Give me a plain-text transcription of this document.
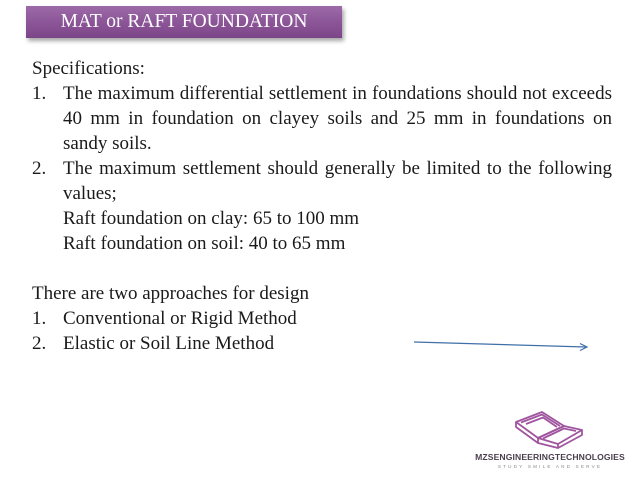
MAT or RAFT FOUNDATION
Specifications:
1. The maximum differential settlement in foundations should not exceeds 40 mm in foundation on clayey soils and 25 mm in foundations on sandy soils.
2. The maximum settlement should generally be limited to the following values;
Raft foundation on clay: 65 to 100 mm
Raft foundation on soil: 40 to 65 mm
There are two approaches for design
1. Conventional or Rigid Method
2. Elastic or Soil Line Method
MZSENGINEERINGTECHNOLOGIES
STUDY SMILE AND SERVE
